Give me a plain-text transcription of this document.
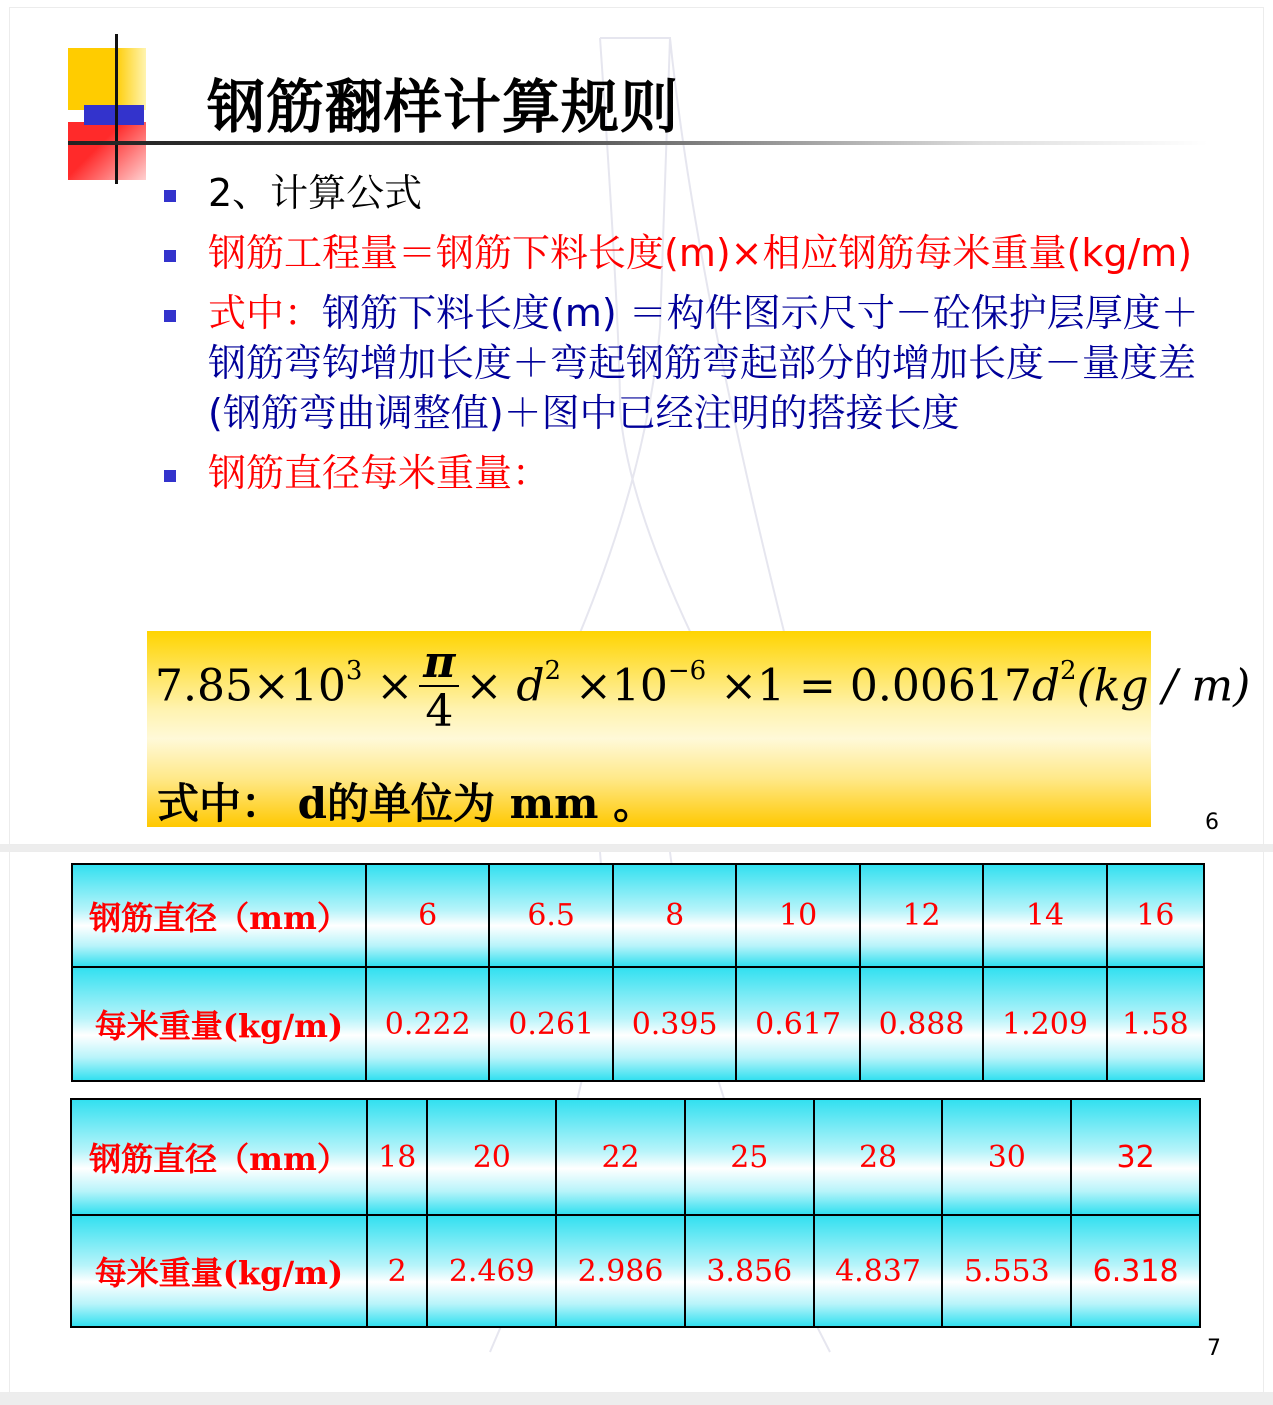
钢筋翻样计算规则
2、计算公式
钢筋工程量＝钢筋下料长度(m)×相应钢筋每米重量(kg/m)
式中：钢筋下料长度(m) ＝构件图示尺寸－砼保护层厚度＋钢筋弯钩增加长度＋弯起钢筋弯起部分的增加长度－量度差(钢筋弯曲调整值)＋图中已经注明的搭接长度
钢筋直径每米重量：
$7.85\times 10^3 \times \frac{\pi}{4} \times d^2 \times 10^{-6} \times 1 = 0.00617d^2(kg / m)$
式中： d的单位为 mm 。	6
钢筋直径（mm）	6	6.5	8	10	12	14	16
每米重量(kg/m)	0.222	0.261	0.395	0.617	0.888	1.209	1.58
钢筋直径（mm）	18	20	22	25	28	30	32
每米重量(kg/m)	2	2.469	2.986	3.856	4.837	5.553	6.318
7
